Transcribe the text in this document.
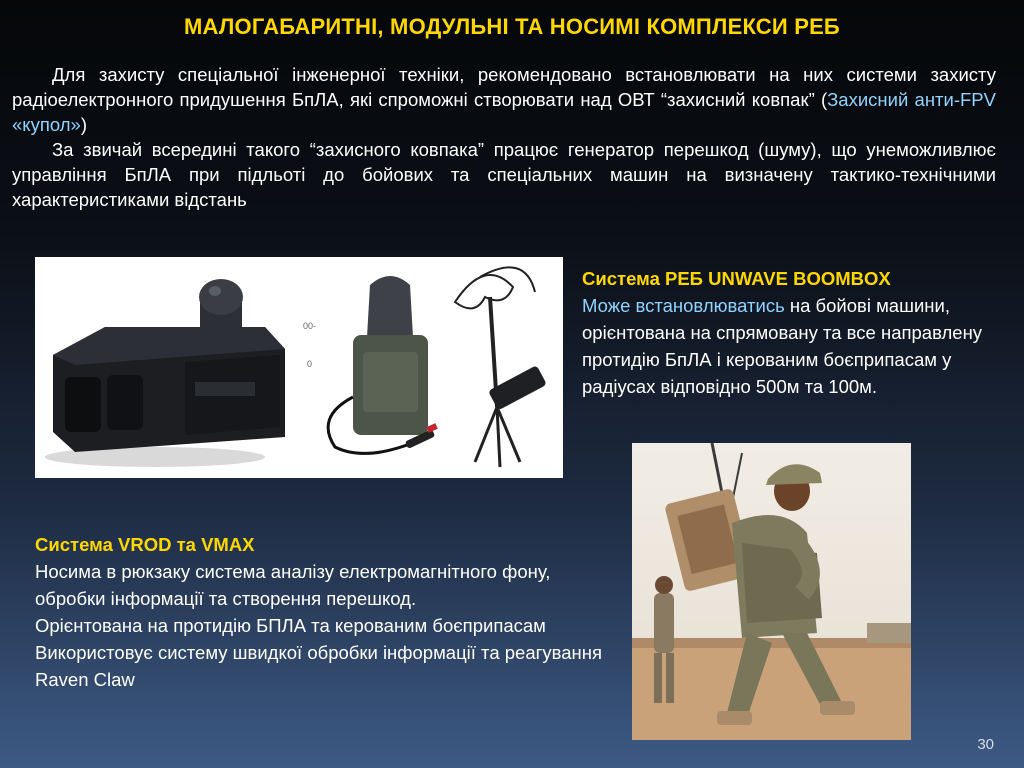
МАЛОГАБАРИТНІ, МОДУЛЬНІ ТА НОСИМІ КОМПЛЕКСИ РЕБ

Для захисту спеціальної інженерної техніки, рекомендовано встановлювати на них системи захисту радіоелектронного придушення БпЛА, які спроможні створювати над ОВТ “захисний ковпак” (Захисний анти-FPV «купол»)

За звичай всередині такого “захисного ковпака” працює генератор перешкод (шуму), що унеможливлює управління БпЛА при підльоті до бойових та спеціальних машин на визначену тактико-технічними характеристиками відстань

00-
0
Система РЕБ UNWAVE BOOMBOX
Може встановлюватись на бойові машини, орієнтована на спрямовану та все направлену протидію БпЛА і керованим боєприпасам у радіусах відповідно 500м та 100м.
Система VROD та VMAX
Носима в рюкзаку система аналізу електромагнітного фону, обробки інформації та створення перешкод.
Орієнтована на протидію БПЛА та керованим боєприпасам
Використовує систему швидкої обробки інформації та реагування Raven Claw
30
